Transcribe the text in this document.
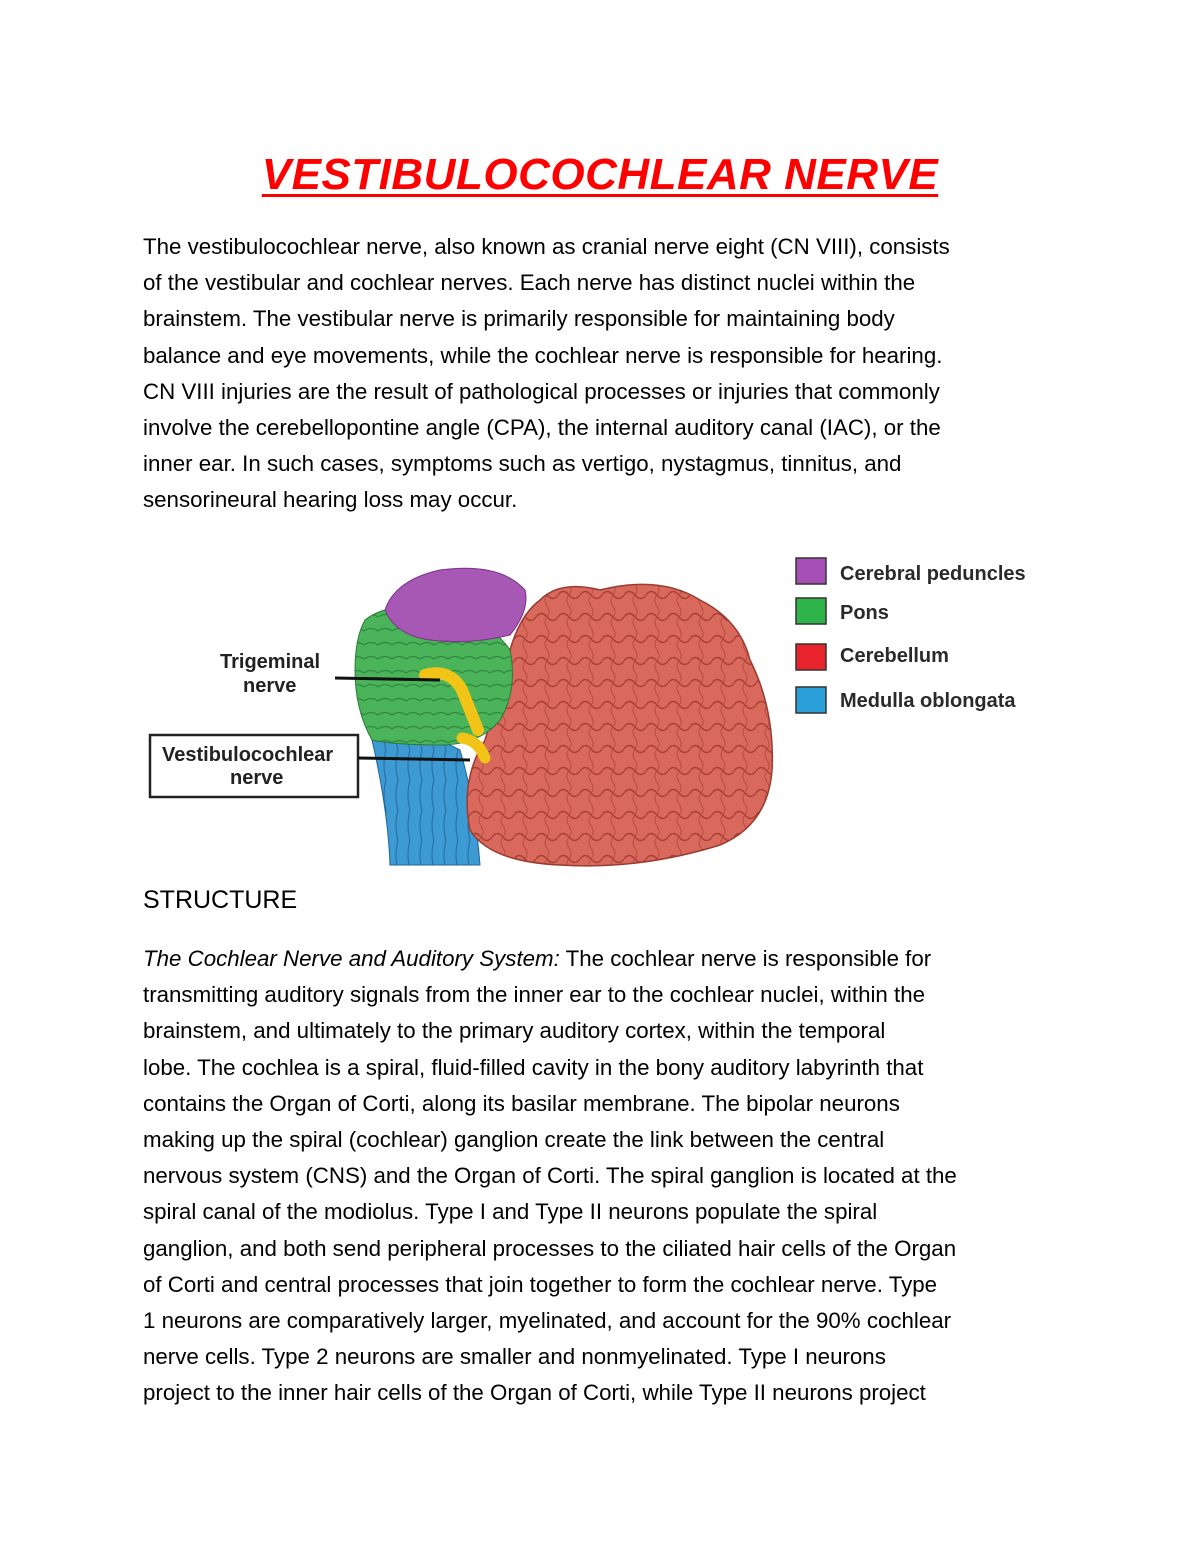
VESTIBULOCOCHLEAR NERVE
The vestibulocochlear nerve, also known as cranial nerve eight (CN VIII), consists
of the vestibular and cochlear nerves. Each nerve has distinct nuclei within the
brainstem. The vestibular nerve is primarily responsible for maintaining body
balance and eye movements, while the cochlear nerve is responsible for hearing.
CN VIII injuries are the result of pathological processes or injuries that commonly
involve the cerebellopontine angle (CPA), the internal auditory canal (IAC), or the
inner ear. In such cases, symptoms such as vertigo, nystagmus, tinnitus, and
sensorineural hearing loss may occur.
Trigeminal
nerve
Vestibulocochlear
nerve
Cerebral peduncles
Pons
Cerebellum
Medulla oblongata
STRUCTURE
The Cochlear Nerve and Auditory System: The cochlear nerve is responsible for
transmitting auditory signals from the inner ear to the cochlear nuclei, within the
brainstem, and ultimately to the primary auditory cortex, within the temporal
lobe. The cochlea is a spiral, fluid-filled cavity in the bony auditory labyrinth that
contains the Organ of Corti, along its basilar membrane. The bipolar neurons
making up the spiral (cochlear) ganglion create the link between the central
nervous system (CNS) and the Organ of Corti. The spiral ganglion is located at the
spiral canal of the modiolus. Type I and Type II neurons populate the spiral
ganglion, and both send peripheral processes to the ciliated hair cells of the Organ
of Corti and central processes that join together to form the cochlear nerve. Type
1 neurons are comparatively larger, myelinated, and account for the 90% cochlear
nerve cells. Type 2 neurons are smaller and nonmyelinated. Type I neurons
project to the inner hair cells of the Organ of Corti, while Type II neurons project
